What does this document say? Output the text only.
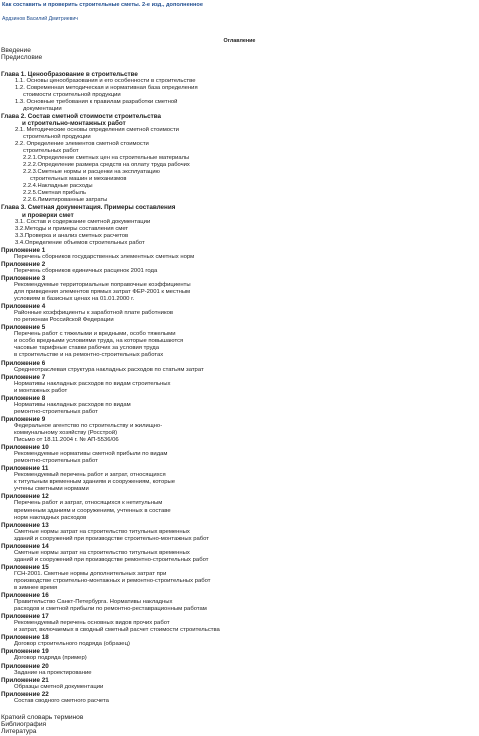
Как составить и проверить строительные сметы. 2-е изд., дополненное
Ардзинов Василий Дмитриевич
Оглавление
Введение
Предисловие
Глава 1. Ценообразование в строительстве
1.1. Основы ценообразования и его особенности в строительстве
1.2. Современная методическая и нормативная база определения
стоимости строительной продукции
1.3. Основные требования к правилам разработки сметной
документации
Глава 2. Состав сметной стоимости строительства
и строительно-монтажных работ
2.1. Методические основы определения сметной стоимости
строительной продукции
2.2. Определение элементов сметной стоимости
строительных работ
2.2.1.Определение сметных цен на строительные материалы
2.2.2.Определение размера средств на оплату труда рабочих
2.2.3.Сметные нормы и расценки на эксплуатацию
строительных машин и механизмов
2.2.4.Накладные расходы
2.2.5.Сметная прибыль
2.2.6.Лимитированные затраты
Глава 3. Сметная документация. Примеры составления
и проверки смет
3.1. Состав и содержание сметной документации
3.2.Методы и примеры составления смет
3.3.Проверка и анализ сметных расчетов
3.4.Определение объемов строительных работ
Приложение 1
Перечень сборников государственных элементных сметных норм
Приложение 2
Перечень сборников единичных расценок 2001 года
Приложение 3
Рекомендуемые территориальные поправочные коэффициенты
для приведения элементов прямых затрат ФЕР-2001 к местным
условиям в базисных ценах на 01.01.2000 г.
Приложение 4
Районные коэффициенты к заработной плате работников
по регионам Российской Федерации
Приложение 5
Перечень работ с тяжелыми и вредными, особо тяжелыми
и особо вредными условиями труда, на которые повышаются
часовые тарифные ставки рабочих за условия труда
в строительстве и на ремонтно-строительных работах
Приложение 6
Среднеотраслевая структура накладных расходов по статьям затрат
Приложение 7
Нормативы накладных расходов по видам строительных
и монтажных работ
Приложение 8
Нормативы накладных расходов по видам
ремонтно-строительных работ
Приложение 9
Федеральное агентство по строительству и жилищно-
коммунальному хозяйству (Росстрой)
Письмо от 18.11.2004 г. № АП-5536/06
Приложение 10
Рекомендуемые нормативы сметной прибыли по видам
ремонтно-строительных работ
Приложение 11
Рекомендуемый перечень работ и затрат, относящихся
к титульным временным зданиям и сооружениям, которые
учтены сметными нормами
Приложение 12
Перечень работ и затрат, относящихся к нетитульным
временным зданиям и сооружениям, учтенных в составе
норм накладных расходов
Приложение 13
Сметные нормы затрат на строительство титульных временных
зданий и сооружений при производстве строительно-монтажных работ
Приложение 14
Сметные нормы затрат на строительство титульных временных
зданий и сооружений при производстве ремонтно-строительных работ
Приложение 15
ГСН-2001. Сметные нормы дополнительных затрат при
производстве строительно-монтажных и ремонтно-строительных работ
в зимнее время
Приложение 16
Правительство Санкт-Петербурга. Нормативы накладных
расходов и сметной прибыли по ремонтно-реставрационным работам
Приложение 17
Рекомендуемый перечень основных видов прочих работ
и затрат, включаемых в сводный сметный расчет стоимости строительства
Приложение 18
Договор строительного подряда (образец)
Приложение 19
Договор подряда (пример)
Приложение 20
Задание на проектирование
Приложение 21
Образцы сметной документации
Приложение 22
Состав сводного сметного расчета
Краткий словарь терминов
Библиография
Литература
